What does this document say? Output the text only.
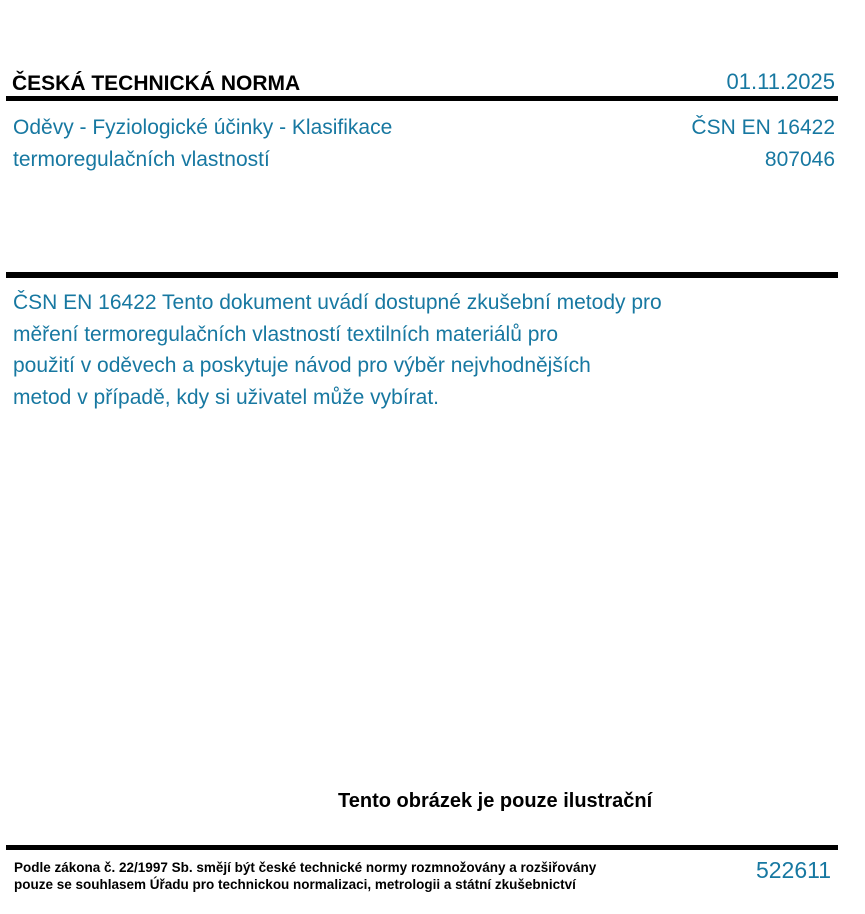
ČESKÁ TECHNICKÁ NORMA	01.11.2025
Oděvy - Fyziologické účinky - Klasifikace
termoregulačních vlastností
ČSN EN 16422
807046
ČSN EN 16422 Tento dokument uvádí dostupné zkušební metody pro
měření termoregulačních vlastností textilních materiálů pro
použití v oděvech a poskytuje návod pro výběr nejvhodnějších
metod v případě, kdy si uživatel může vybírat.
Tento obrázek je pouze ilustrační
Podle zákona č. 22/1997 Sb. smějí být české technické normy rozmnožovány a rozšiřovány
pouze se souhlasem Úřadu pro technickou normalizaci, metrologii a státní zkušebnictví
522611
